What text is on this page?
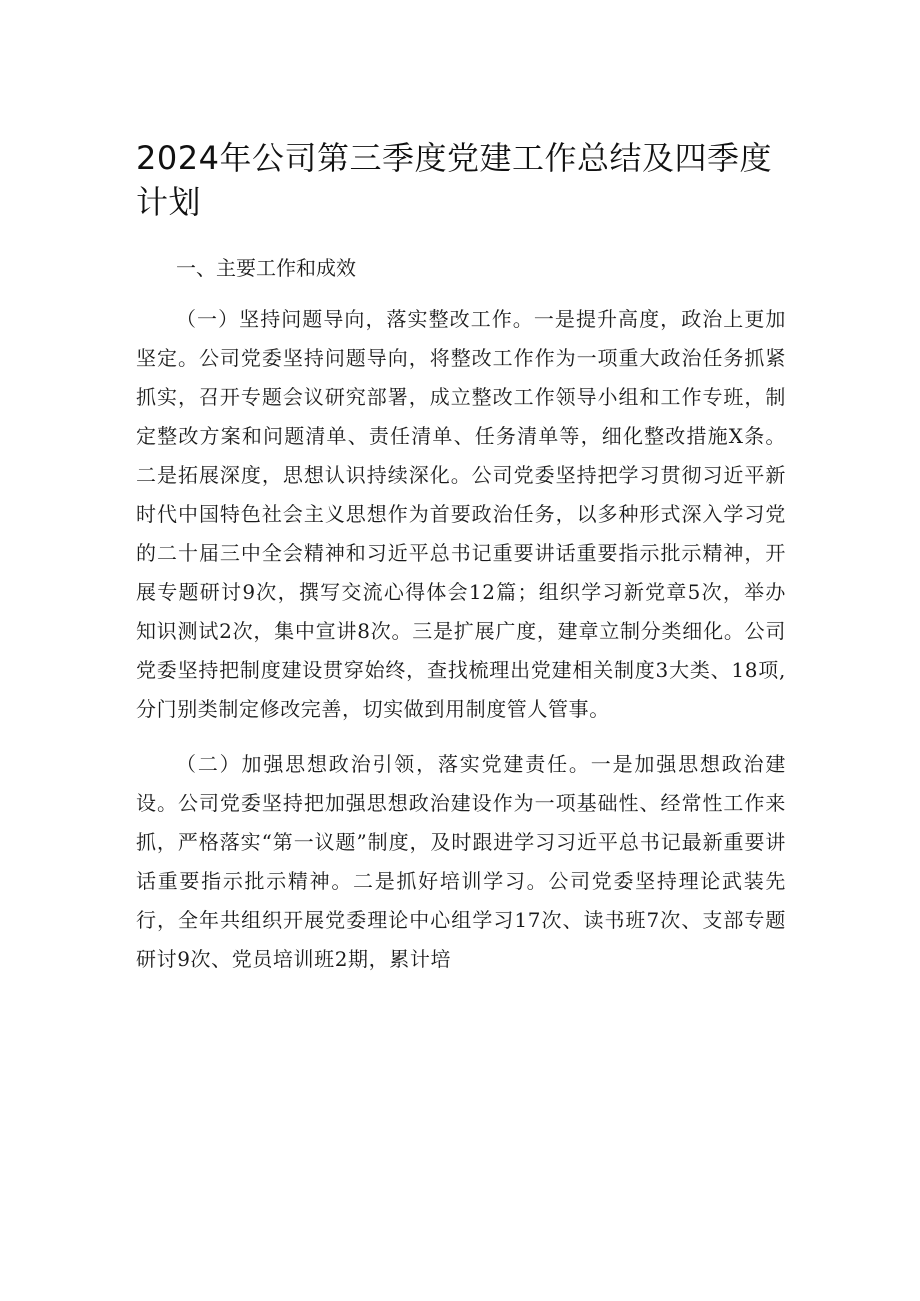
2024年公司第三季度党建工作总结及四季度计划
一、主要工作和成效

（一）坚持问题导向，落实整改工作。一是提升高度，政治上更加坚定。公司党委坚持问题导向，将整改工作作为一项重大政治任务抓紧抓实，召开专题会议研究部署，成立整改工作领导小组和工作专班，制定整改方案和问题清单、责任清单、任务清单等，细化整改措施X条。二是拓展深度，思想认识持续深化。公司党委坚持把学习贯彻习近平新时代中国特色社会主义思想作为首要政治任务，以多种形式深入学习党的二十届三中全会精神和习近平总书记重要讲话重要指示批示精神，开展专题研讨9次，撰写交流心得体会12篇；组织学习新党章5次，举办知识测试2次，集中宣讲8次。三是扩展广度，建章立制分类细化。公司党委坚持把制度建设贯穿始终，查找梳理出党建相关制度3大类、18项,分门别类制定修改完善，切实做到用制度管人管事。

（二）加强思想政治引领，落实党建责任。一是加强思想政治建设。公司党委坚持把加强思想政治建设作为一项基础性、经常性工作来抓，严格落实“第一议题”制度，及时跟进学习习近平总书记最新重要讲话重要指示批示精神。二是抓好培训学习。公司党委坚持理论武装先行，全年共组织开展党委理论中心组学习17次、读书班7次、支部专题研讨9次、党员培训班2期，累计培
